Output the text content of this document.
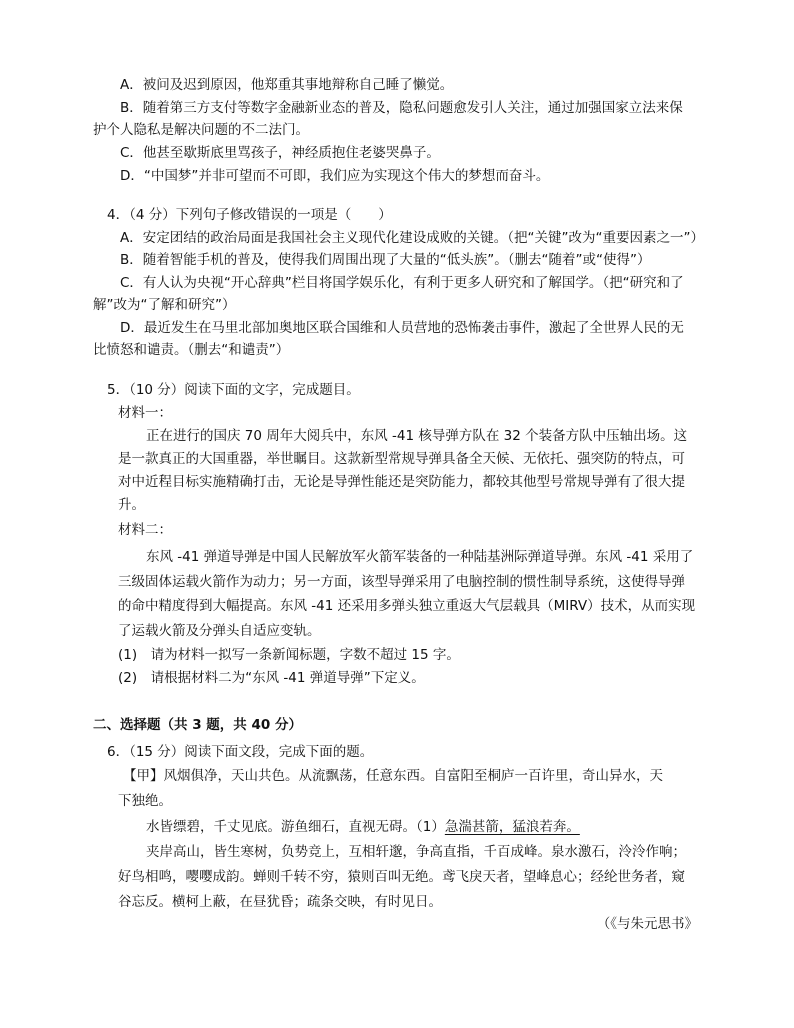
A．被问及迟到原因，他郑重其事地辩称自己睡了懒觉。
B．随着第三方支付等数字金融新业态的普及，隐私问题愈发引人关注，通过加强国家立法来保
护个人隐私是解决问题的不二法门。
C．他甚至歇斯底里骂孩子，神经质抱住老婆哭鼻子。
D．“中国梦”并非可望而不可即，我们应为实现这个伟大的梦想而奋斗。
4．（4 分）下列句子修改错误的一项是（　　）
A．安定团结的政治局面是我国社会主义现代化建设成败的关键。（把“关键”改为“重要因素之一”）
B．随着智能手机的普及，使得我们周围出现了大量的“低头族”。（删去“随着”或“使得”）
C．有人认为央视“开心辞典”栏目将国学娱乐化，有利于更多人研究和了解国学。（把“研究和了
解”改为“了解和研究”）
D．最近发生在马里北部加奥地区联合国维和人员营地的恐怖袭击事件，激起了全世界人民的无
比愤怒和谴责。（删去“和谴责”）
5．（10 分）阅读下面的文字，完成题目。
材料一：
正在进行的国庆 70 周年大阅兵中，东风 -41 核导弹方队在 32 个装备方队中压轴出场。这
是一款真正的大国重器，举世瞩目。这款新型常规导弹具备全天候、无依托、强突防的特点，可
对中近程目标实施精确打击，无论是导弹性能还是突防能力，都较其他型号常规导弹有了很大提
升。
材料二：
东风 -41 弹道导弹是中国人民解放军火箭军装备的一种陆基洲际弹道导弹。东风 -41 采用了
三级固体运载火箭作为动力；另一方面，该型导弹采用了电脑控制的惯性制导系统，这使得导弹
的命中精度得到大幅提高。东风 -41 还采用多弹头独立重返大气层载具（MIRV）技术，从而实现
了运载火箭及分弹头自适应变轨。
(1)　请为材料一拟写一条新闻标题，字数不超过 15 字。
(2)　请根据材料二为“东风 -41 弹道导弹”下定义。
二、选择题（共 3 题，共 40 分）
6．（15 分）阅读下面文段，完成下面的题。
【甲】风烟俱净，天山共色。从流飘荡，任意东西。自富阳至桐庐一百许里，奇山异水，天
下独绝。
水皆缥碧，千丈见底。游鱼细石，直视无碍。（1）急湍甚箭，猛浪若奔。
夹岸高山，皆生寒树，负势竞上，互相轩邈，争高直指，千百成峰。泉水激石，泠泠作响；
好鸟相鸣，嘤嘤成韵。蝉则千转不穷，猿则百叫无绝。鸢飞戾天者，望峰息心；经纶世务者，窥
谷忘反。横柯上蔽，在昼犹昏；疏条交映，有时见日。
（《与朱元思书》
